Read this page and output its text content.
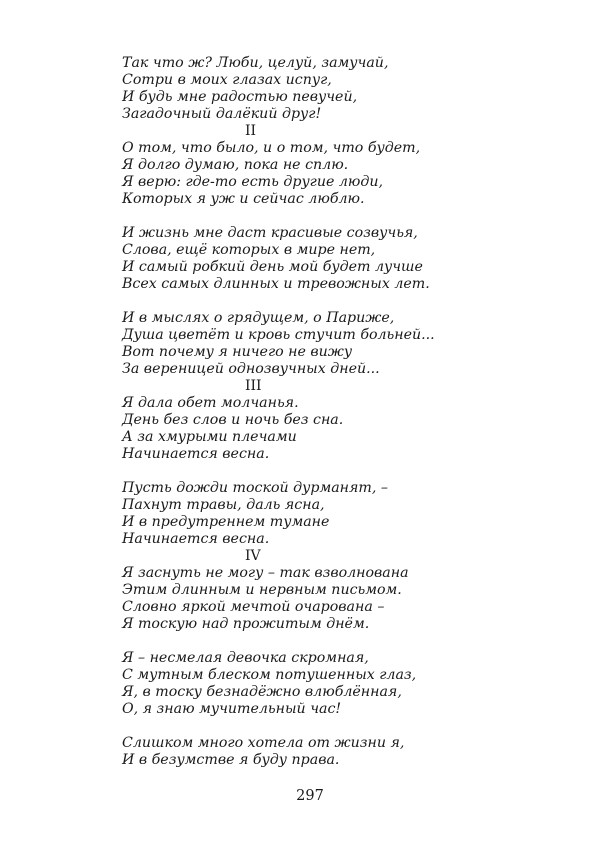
Так что ж? Люби, целуй, замучай,
Сотри в моих глазах испуг,
И будь мне радостью певучей,
Загадочный далёкий друг!
II
О том, что было, и о том, что будет,
Я долго думаю, пока не сплю.
Я верю: где-то есть другие люди,
Которых я уж и сейчас люблю.
И жизнь мне даст красивые созвучья,
Слова, ещё которых в мире нет,
И самый робкий день мой будет лучше
Всех самых длинных и тревожных лет.
И в мыслях о грядущем, о Париже,
Душа цветёт и кровь стучит больней...
Вот почему я ничего не вижу
За вереницей однозвучных дней...
III
Я дала обет молчанья.
День без слов и ночь без сна.
А за хмурыми плечами
Начинается весна.
Пусть дожди тоской дурманят, –
Пахнут травы, даль ясна,
И в предутреннем тумане
Начинается весна.
IV
Я заснуть не могу – так взволнована
Этим длинным и нервным письмом.
Словно яркой мечтой очарована –
Я тоскую над прожитым днём.
Я – несмелая девочка скромная,
С мутным блеском потушенных глаз,
Я, в тоску безнадёжно влюблённая,
О, я знаю мучительный час!
Слишком много хотела от жизни я,
И в безумстве я буду права.
297
